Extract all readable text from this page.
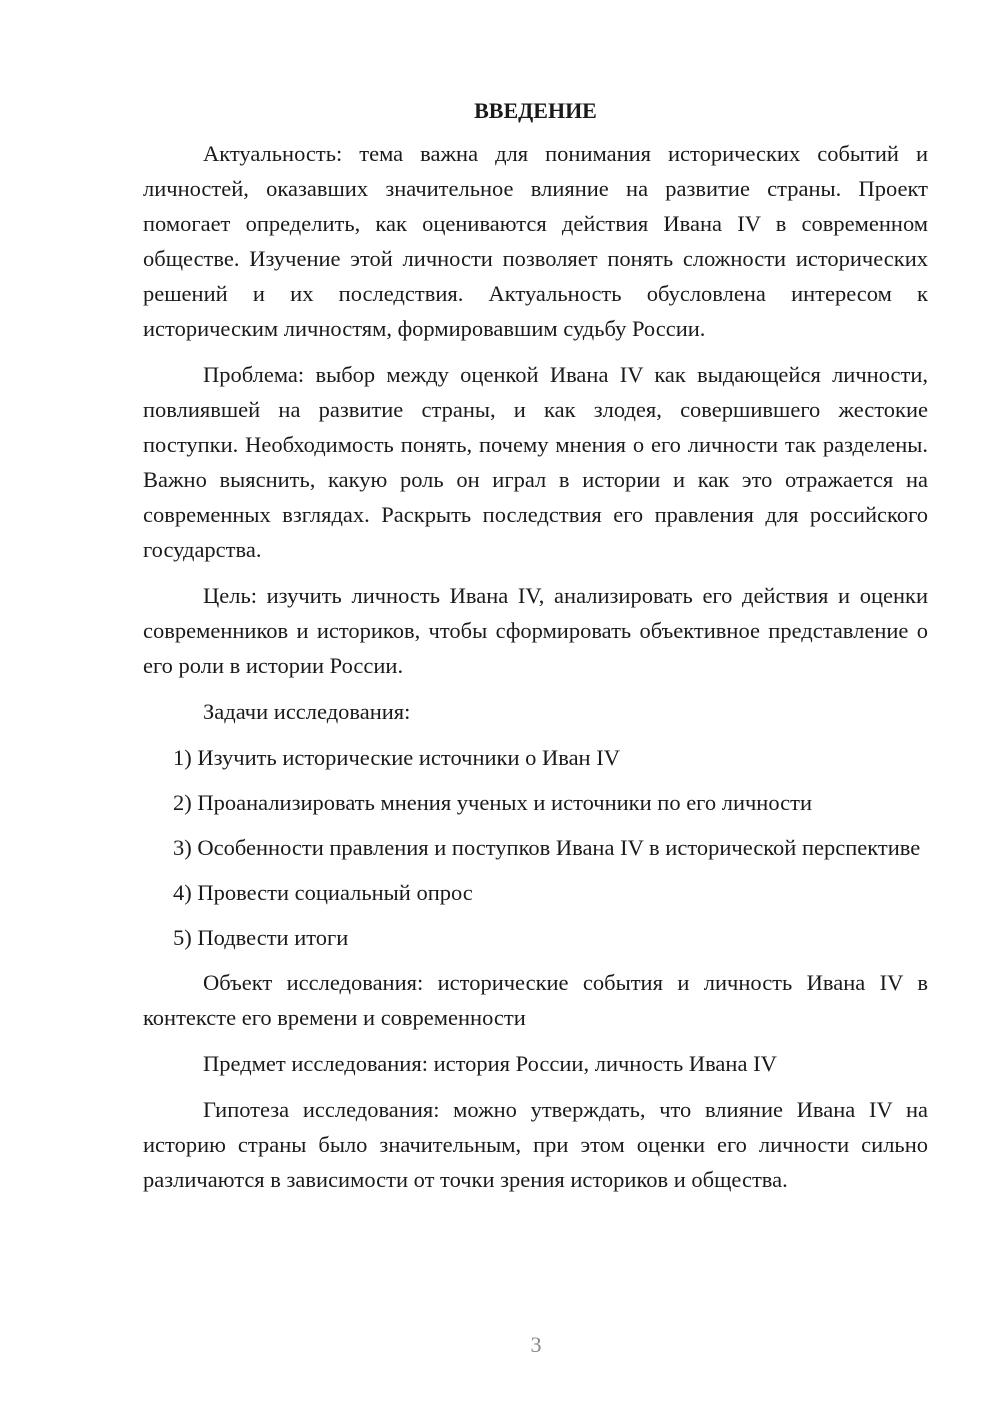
ВВЕДЕНИЕ

Актуальность: тема важна для понимания исторических событий и личностей, оказавших значительное влияние на развитие страны. Проект помогает определить, как оцениваются действия Ивана IV в современном обществе. Изучение этой личности позволяет понять сложности исторических решений и их последствия. Актуальность обусловлена интересом к историческим личностям, формировавшим судьбу России.

Проблема: выбор между оценкой Ивана IV как выдающейся личности, повлиявшей на развитие страны, и как злодея, совершившего жестокие поступки. Необходимость понять, почему мнения о его личности так разделены. Важно выяснить, какую роль он играл в истории и как это отражается на современных взглядах. Раскрыть последствия его правления для российского государства.

Цель: изучить личность Ивана IV, анализировать его действия и оценки современников и историков, чтобы сформировать объективное представление о его роли в истории России.

Задачи исследования:

1) Изучить исторические источники о Иван IV

2) Проанализировать мнения ученых и источники по его личности

3) Особенности правления и поступков Ивана IV в исторической перспективе

4) Провести социальный опрос

5) Подвести итоги

Объект исследования: исторические события и личность Ивана IV в контексте его времени и современности

Предмет исследования: история России, личность Ивана IV

Гипотеза исследования: можно утверждать, что влияние Ивана IV на историю страны было значительным, при этом оценки его личности сильно различаются в зависимости от точки зрения историков и общества.

3
